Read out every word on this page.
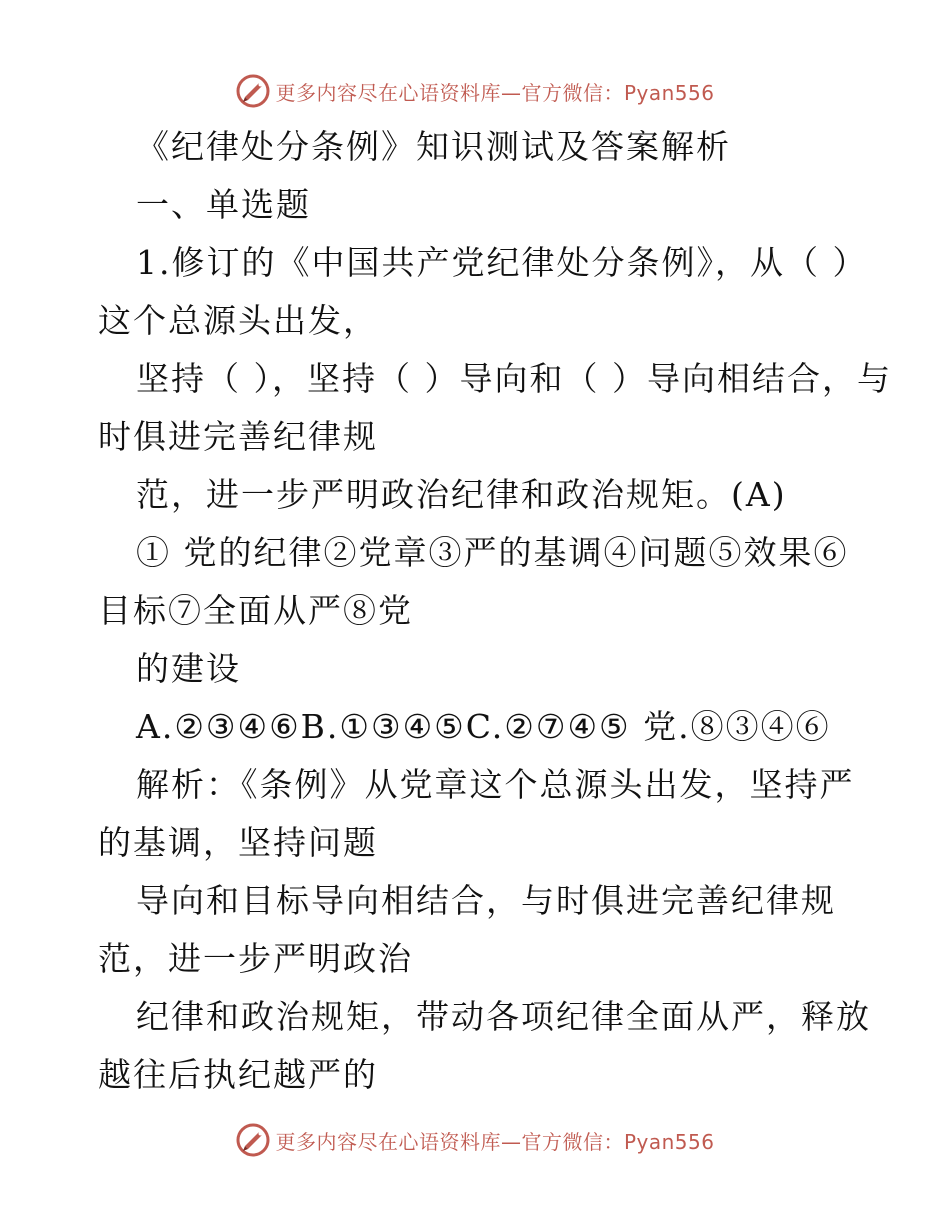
更多内容尽在心语资料库—官方微信：Pyan556
《纪律处分条例》知识测试及答案解析
一、单选题
1.修订的《中国共产党纪律处分条例》，从（ ）
这个总源头出发，
坚持（ ），坚持（ ）导向和（ ）导向相结合，与
时俱进完善纪律规
范，进一步严明政治纪律和政治规矩。(A)
① 党的纪律②党章③严的基调④问题⑤效果⑥
目标⑦全面从严⑧党
的建设
A.②③④⑥B.①③④⑤C.②⑦④⑤ 党.⑧③④⑥
解析：《条例》从党章这个总源头出发，坚持严
的基调，坚持问题
导向和目标导向相结合，与时俱进完善纪律规
范，进一步严明政治
纪律和政治规矩，带动各项纪律全面从严，释放
越往后执纪越严的
更多内容尽在心语资料库—官方微信：Pyan556
